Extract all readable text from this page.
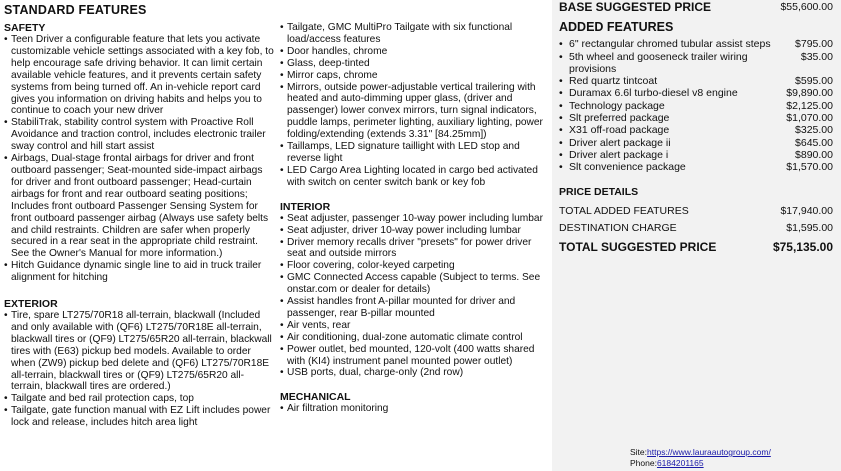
STANDARD FEATURES
SAFETY
• Teen Driver a configurable feature that lets you activate customizable vehicle settings associated with a key fob, to help encourage safe driving behavior. It can limit certain available vehicle features, and it prevents certain safety systems from being turned off. An in-vehicle report card gives you information on driving habits and helps you to continue to coach your new driver
• StabiliTrak, stability control system with Proactive Roll Avoidance and traction control, includes electronic trailer sway control and hill start assist
• Airbags, Dual-stage frontal airbags for driver and front outboard passenger; Seat-mounted side-impact airbags for driver and front outboard passenger; Head-curtain airbags for front and rear outboard seating positions; Includes front outboard Passenger Sensing System for front outboard passenger airbag (Always use safety belts and child restraints. Children are safer when properly secured in a rear seat in the appropriate child restraint. See the Owner's Manual for more information.)
• Hitch Guidance dynamic single line to aid in truck trailer alignment for hitching
EXTERIOR
• Tire, spare LT275/70R18 all-terrain, blackwall (Included and only available with (QF6) LT275/70R18E all-terrain, blackwall tires or (QF9) LT275/65R20 all-terrain, blackwall tires with (E63) pickup bed models. Available to order when (ZW9) pickup bed delete and (QF6) LT275/70R18E all-terrain, blackwall tires or (QF9) LT275/65R20 all-terrain, blackwall tires are ordered.)
• Tailgate and bed rail protection caps, top
• Tailgate, gate function manual with EZ Lift includes power lock and release, includes hitch area light
• Tailgate, GMC MultiPro Tailgate with six functional load/access features
• Door handles, chrome
• Glass, deep-tinted
• Mirror caps, chrome
• Mirrors, outside power-adjustable vertical trailering with heated and auto-dimming upper glass, (driver and passenger) lower convex mirrors, turn signal indicators, puddle lamps, perimeter lighting, auxiliary lighting, power folding/extending (extends 3.31" [84.25mm])
• Taillamps, LED signature taillight with LED stop and reverse light
• LED Cargo Area Lighting located in cargo bed activated with switch on center switch bank or key fob
INTERIOR
• Seat adjuster, passenger 10-way power including lumbar
• Seat adjuster, driver 10-way power including lumbar
• Driver memory recalls driver "presets" for power driver seat and outside mirrors
• Floor covering, color-keyed carpeting
• GMC Connected Access capable (Subject to terms. See onstar.com or dealer for details)
• Assist handles front A-pillar mounted for driver and passenger, rear B-pillar mounted
• Air vents, rear
• Air conditioning, dual-zone automatic climate control
• Power outlet, bed mounted, 120-volt (400 watts shared with (KI4) instrument panel mounted power outlet)
• USB ports, dual, charge-only (2nd row)
MECHANICAL
• Air filtration monitoring
BASE SUGGESTED PRICE	$55,600.00
ADDED FEATURES
• 6" rectangular chromed tubular assist steps $795.00
• 5th wheel and gooseneck trailer wiring provisions
$35.00
• Red quartz tintcoat	$595.00
• Duramax 6.6l turbo-diesel v8 engine	$9,890.00
• Technology package	$2,125.00
• Slt preferred package	$1,070.00
• X31 off-road package	$325.00
• Driver alert package ii	$645.00
• Driver alert package i	$890.00
• Slt convenience package	$1,570.00
PRICE DETAILS
TOTAL ADDED FEATURES	$17,940.00
DESTINATION CHARGE	$1,595.00
TOTAL SUGGESTED PRICE	$75,135.00
Site:https://www.lauraautogroup.com/
Phone:6184201165
